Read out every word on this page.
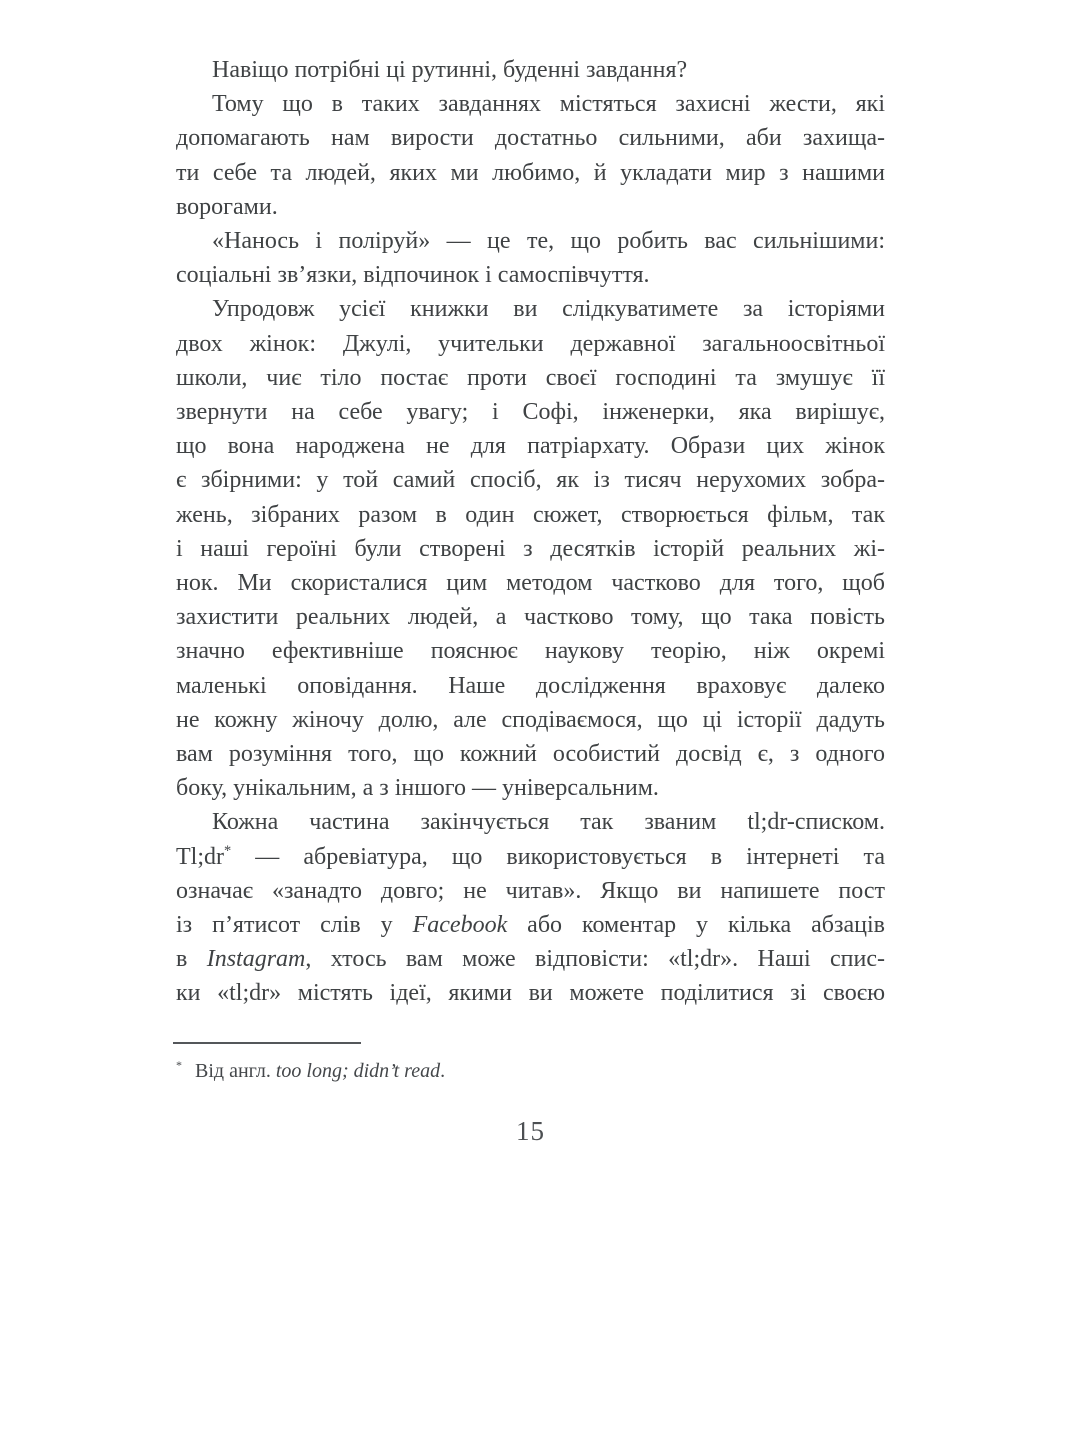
Навіщо потрібні ці рутинні, буденні завдання?
Тому що в таких завданнях містяться захисні жести, які
допомагають нам вирости достатньо сильними, аби захища-
ти себе та людей, яких ми любимо, й укладати мир з нашими
ворогами.
«Нанось і поліруй» — це те, що робить вас сильнішими:
соціальні зв’язки, відпочинок і самоспівчуття.
Упродовж усієї книжки ви слідкуватимете за історіями
двох жінок: Джулі, учительки державної загальноосвітньої
школи, чиє тіло постає проти своєї господині та змушує її
звернути на себе увагу; і Софі, інженерки, яка вирішує,
що вона народжена не для патріархату. Образи цих жінок
є збірними: у той самий спосіб, як із тисяч нерухомих зобра-
жень, зібраних разом в один сюжет, створюється фільм, так
і наші героїні були створені з десятків історій реальних жі-
нок. Ми скористалися цим методом частково для того, щоб
захистити реальних людей, а частково тому, що така повість
значно ефективніше пояснює наукову теорію, ніж окремі
маленькі оповідання. Наше дослідження враховує далеко
не кожну жіночу долю, але сподіваємося, що ці історії дадуть
вам розуміння того, що кожний особистий досвід є, з одного
боку, унікальним, а з іншого — універсальним.
Кожна частина закінчується так званим tl;dr-списком.
Tl;dr* — абревіатура, що використовується в інтернеті та
означає «занадто довго; не читав». Якщо ви напишете пост
із п’ятисот слів у Facebook або коментар у кілька абзаців
в Instagram, хтось вам може відповісти: «tl;dr». Наші спис-
ки «tl;dr» містять ідеї, якими ви можете поділитися зі своєю
* Від англ. too long; didn’t read.
15
